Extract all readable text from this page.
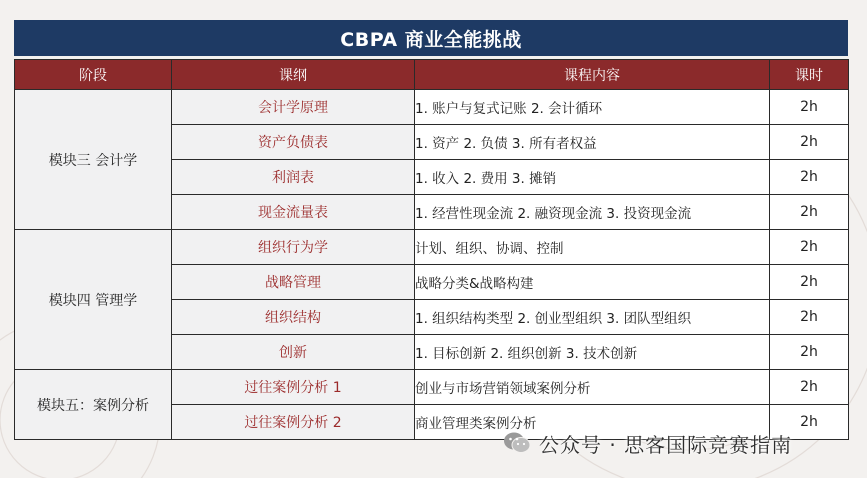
CBPA 商业全能挑战
阶段	课纲	课程内容	课时
模块三 会计学	会计学原理	1. 账户与复式记账 2. 会计循环	2h
	资产负债表	1. 资产 2. 负债 3. 所有者权益	2h
	利润表	1. 收入 2. 费用 3. 摊销	2h
	现金流量表	1. 经营性现金流 2. 融资现金流 3. 投资现金流	2h
模块四 管理学	组织行为学	计划、组织、协调、控制	2h
	战略管理	战略分类&战略构建	2h
	组织结构	1. 组织结构类型 2. 创业型组织 3. 团队型组织	2h
	创新	1. 目标创新 2. 组织创新 3. 技术创新	2h
模块五：案例分析	过往案例分析 1	创业与市场营销领域案例分析	2h
	过往案例分析 2	商业管理类案例分析	2h
公众号 · 思客国际竞赛指南
